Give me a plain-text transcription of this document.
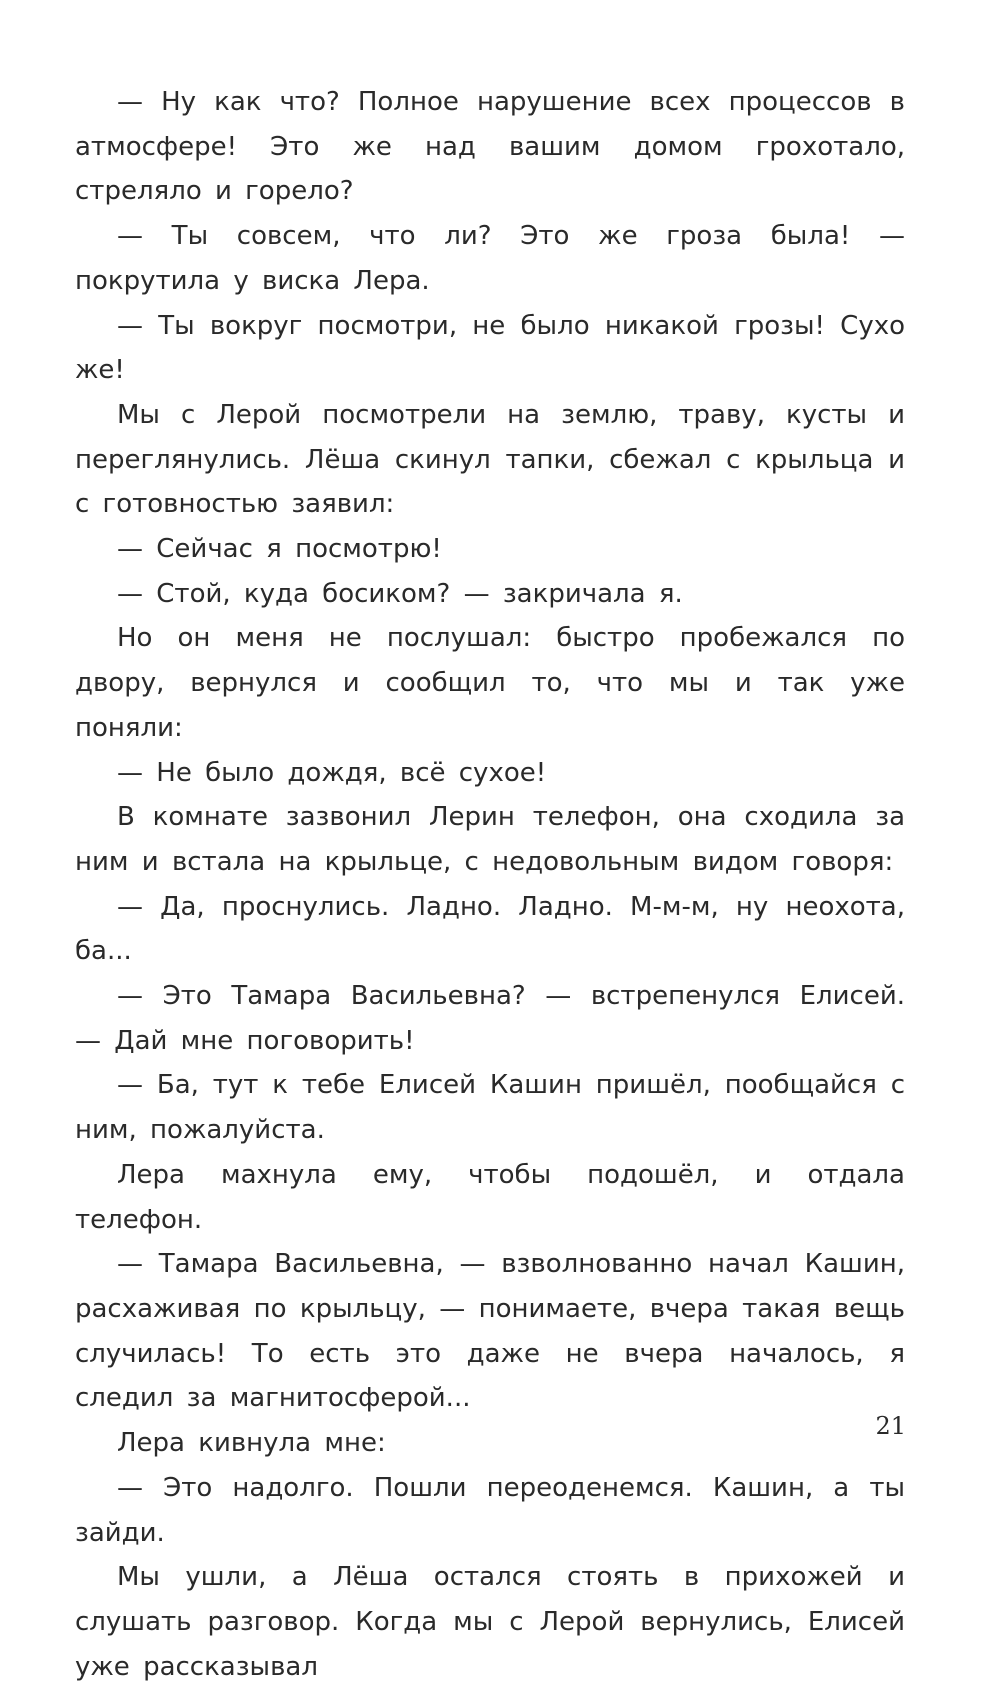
— Ну как что? Полное нарушение всех процессов в атмосфере! Это же над вашим домом грохотало, стреляло и горело?

— Ты совсем, что ли? Это же гроза была! — покрутила у виска Лера.

— Ты вокруг посмотри, не было никакой грозы! Сухо же!

Мы с Лерой посмотрели на землю, траву, кусты и переглянулись. Лёша скинул тапки, сбежал с крыльца и с готовностью заявил:

— Сейчас я посмотрю!

— Стой, куда босиком? — закричала я.

Но он меня не послушал: быстро пробежался по двору, вернулся и сообщил то, что мы и так уже поняли:

— Не было дождя, всё сухое!

В комнате зазвонил Лерин телефон, она сходила за ним и встала на крыльце, с недовольным видом говоря:

— Да, проснулись. Ладно. Ладно. М-м-м, ну неохота, ба...

— Это Тамара Васильевна? — встрепенулся Елисей. — Дай мне поговорить!

— Ба, тут к тебе Елисей Кашин пришёл, пообщайся с ним, пожалуйста.

Лера махнула ему, чтобы подошёл, и отдала телефон.

— Тамара Васильевна, — взволнованно начал Кашин, расхаживая по крыльцу, — понимаете, вчера такая вещь случилась! То есть это даже не вчера началось, я следил за магнитосферой...

Лера кивнула мне:

— Это надолго. Пошли переоденемся. Кашин, а ты зайди.

Мы ушли, а Лёша остался стоять в прихожей и слушать разговор. Когда мы с Лерой вернулись, Елисей уже рассказывал

21
